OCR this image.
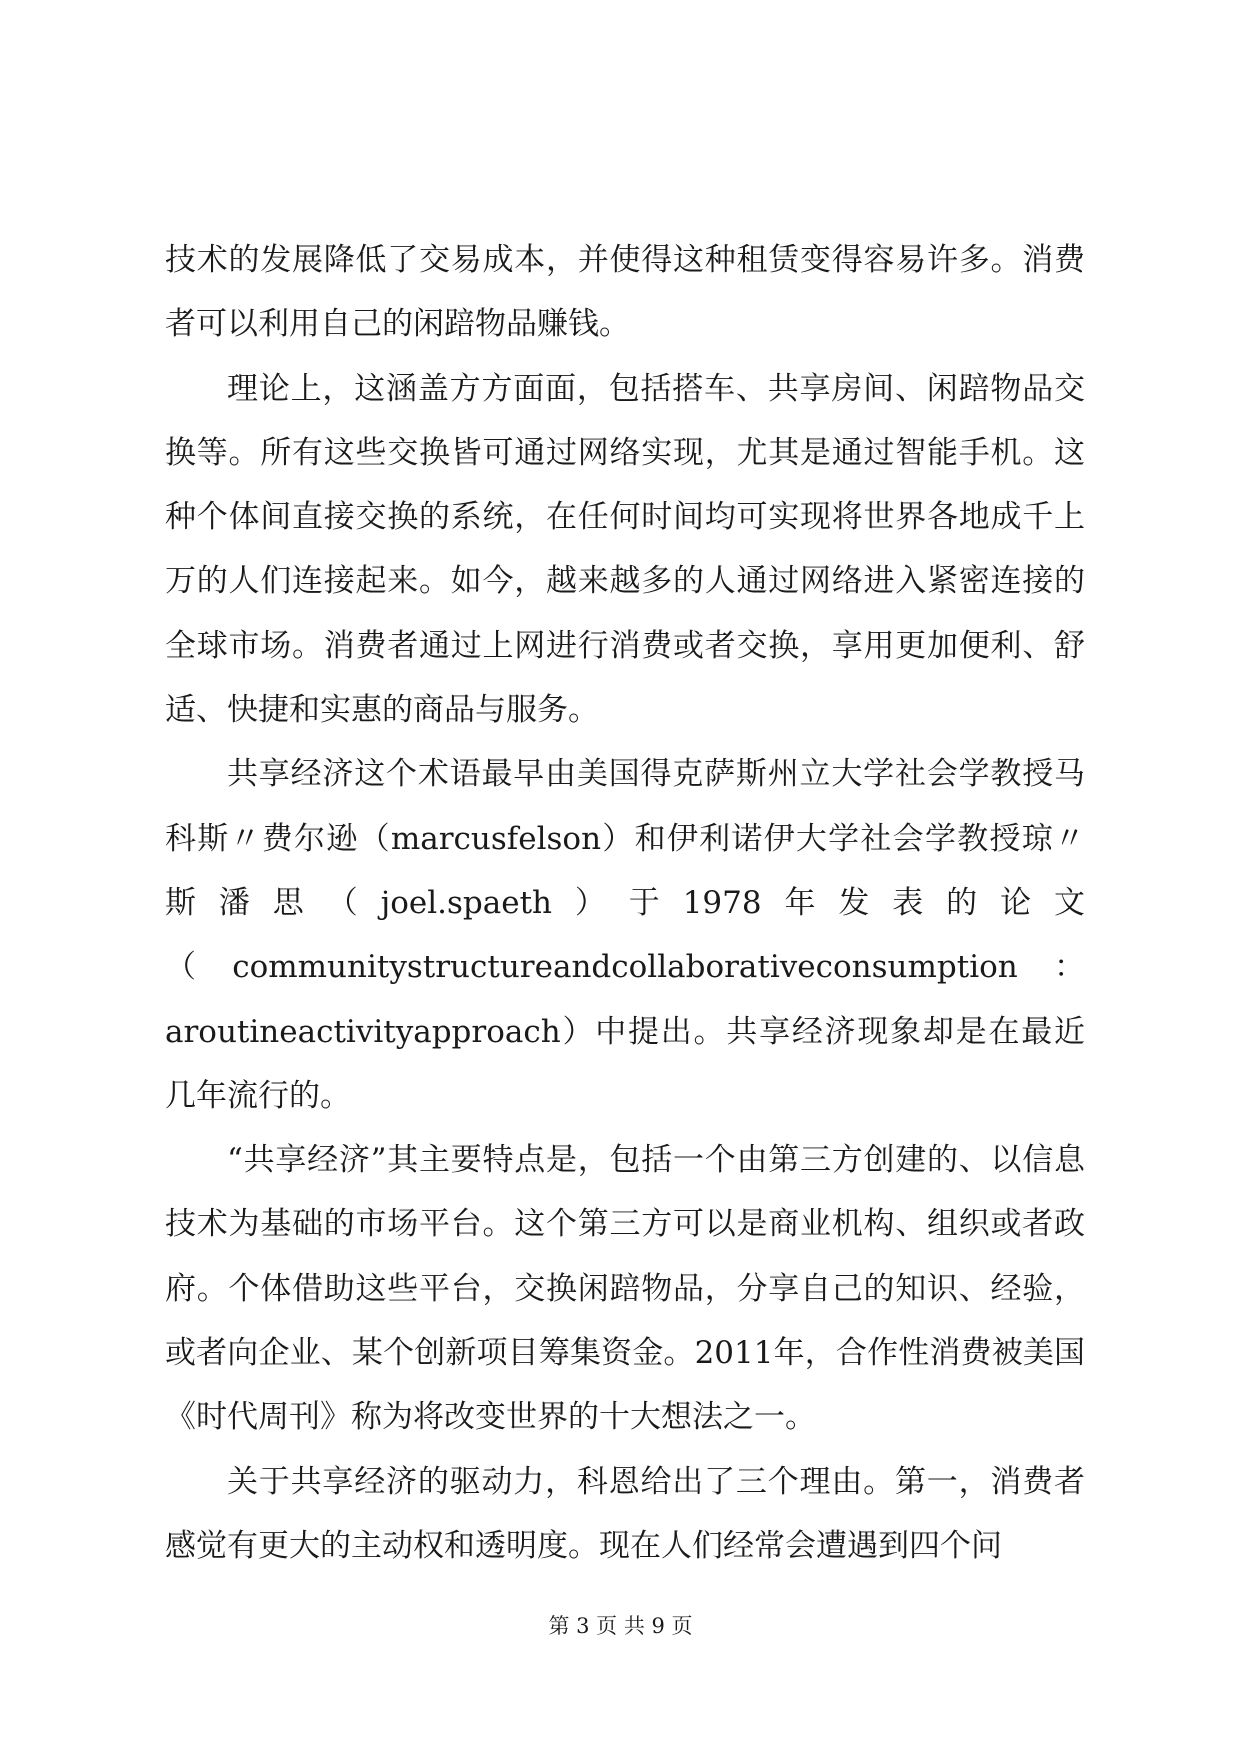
技术的发展降低了交易成本，并使得这种租赁变得容易许多。消费者可以利用自己的闲踣物品赚钱。

理论上，这涵盖方方面面，包括搭车、共享房间、闲踣物品交换等。所有这些交换皆可通过网络实现，尤其是通过智能手机。这种个体间直接交换的系统，在任何时间均可实现将世界各地成千上万的人们连接起来。如今，越来越多的人通过网络进入紧密连接的全球市场。消费者通过上网进行消费或者交换，享用更加便利、舒适、快捷和实惠的商品与服务。

共享经济这个术语最早由美国得克萨斯州立大学社会学教授马科斯〃费尔逊（marcusfelson）和伊利诺伊大学社会学教授琼〃斯潘思（joel.spaeth）于1978年发表的论文（communitystructureandcollaborativeconsumption：aroutineactivityapproach）中提出。共享经济现象却是在最近几年流行的。

“共享经济”其主要特点是，包括一个由第三方创建的、以信息技术为基础的市场平台。这个第三方可以是商业机构、组织或者政府。个体借助这些平台，交换闲踣物品，分享自己的知识、经验，或者向企业、某个创新项目筹集资金。2011年，合作性消费被美国《时代周刊》称为将改变世界的十大想法之一。

关于共享经济的驱动力，科恩给出了三个理由。第一，消费者感觉有更大的主动权和透明度。现在人们经常会遭遇到四个问

第 3 页 共 9 页
